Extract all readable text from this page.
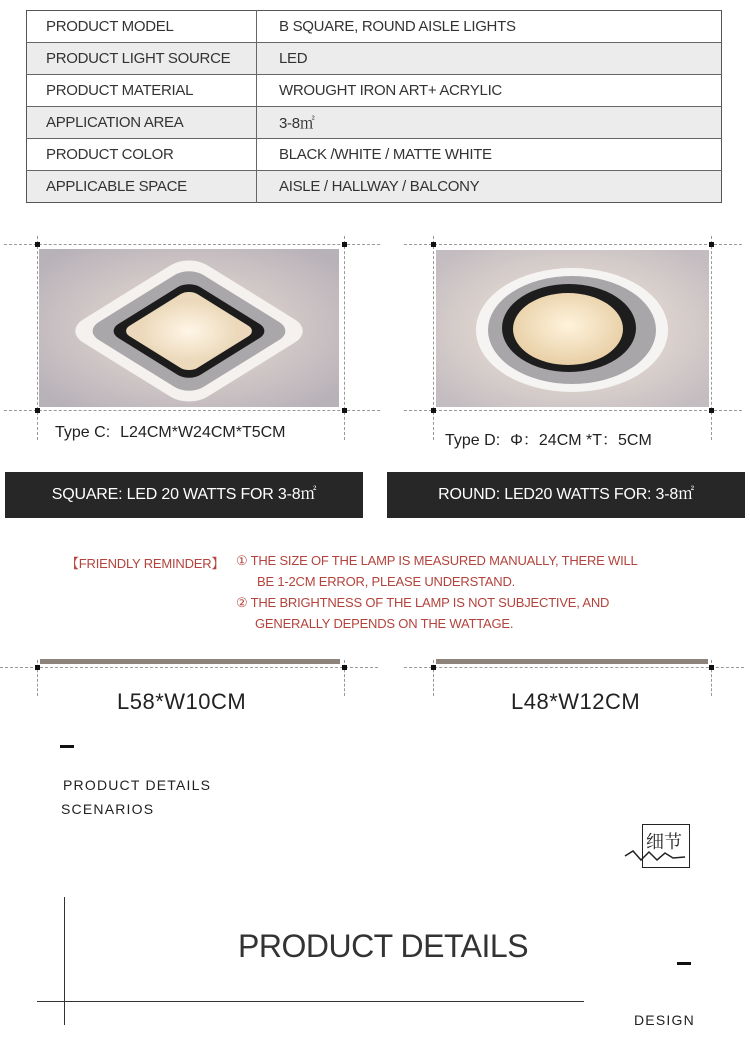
PRODUCT MODEL	B SQUARE, ROUND AISLE LIGHTS
PRODUCT LIGHT SOURCE	LED
PRODUCT MATERIAL	WROUGHT IRON ART+ ACRYLIC
APPLICATION AREA	3-8㎡
PRODUCT COLOR	BLACK /WHITE / MATTE WHITE
APPLICABLE SPACE	AISLE / HALLWAY / BALCONY
Type C: L24CM*W24CM*T5CM	Type D: Φ：24CM *T：5CM
SQUARE: LED 20 WATTS FOR 3-8㎡	ROUND: LED20 WATTS FOR: 3-8㎡
【FRIENDLY REMINDER】 ① THE SIZE OF THE LAMP IS MEASURED MANUALLY, THERE WILL
BE 1-2CM ERROR, PLEASE UNDERSTAND.
② THE BRIGHTNESS OF THE LAMP IS NOT SUBJECTIVE, AND
GENERALLY DEPENDS ON THE WATTAGE.
L58*W10CM	L48*W12CM
PRODUCT DETAILS
SCENARIOS
细节
PRODUCT DETAILS
DESIGN
